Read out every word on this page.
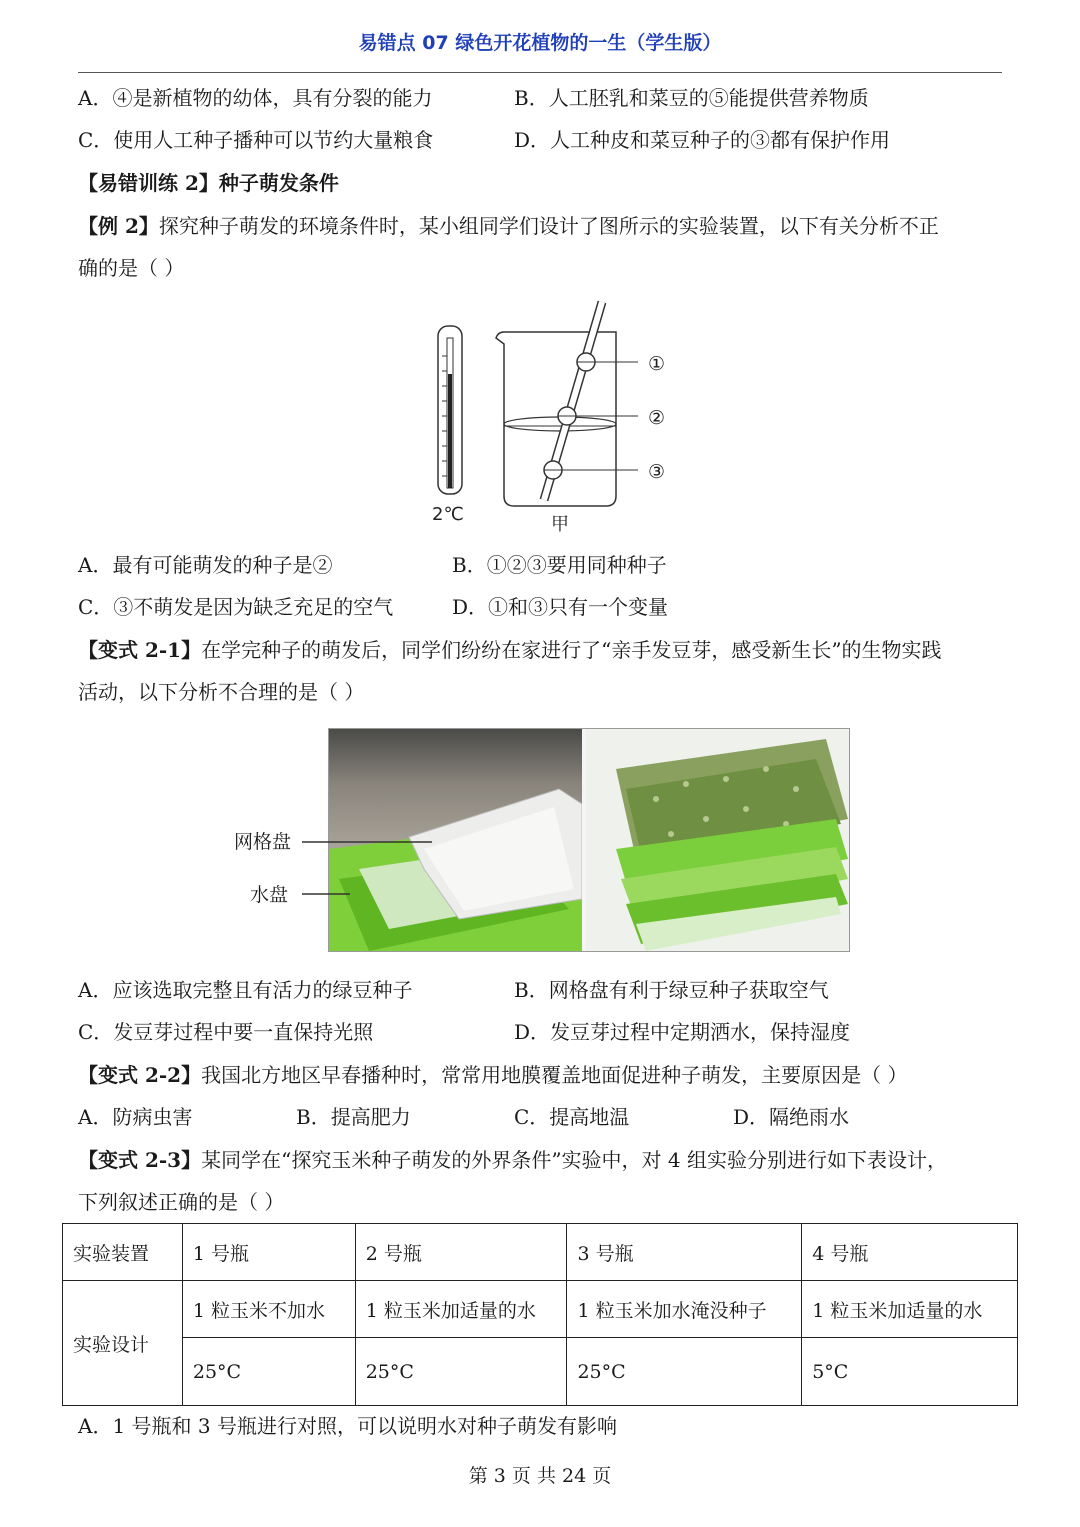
易错点 07 绿色开花植物的一生（学生版）
A．④是新植物的幼体，具有分裂的能力	B．人工胚乳和菜豆的⑤能提供营养物质
C．使用人工种子播种可以节约大量粮食	D．人工种皮和菜豆种子的③都有保护作用
【易错训练 2】种子萌发条件
【例 2】探究种子萌发的环境条件时，某小组同学们设计了图所示的实验装置，以下有关分析不正
确的是（ ）
2℃
①
②
③
甲
A．最有可能萌发的种子是②	B．①②③要用同种种子
C．③不萌发是因为缺乏充足的空气	D．①和③只有一个变量
【变式 2-1】在学完种子的萌发后，同学们纷纷在家进行了“亲手发豆芽，感受新生长”的生物实践
活动，以下分析不合理的是（ ）
网格盘
水盘
A．应该选取完整且有活力的绿豆种子	B．网格盘有利于绿豆种子获取空气
C．发豆芽过程中要一直保持光照	D．发豆芽过程中定期洒水，保持湿度
【变式 2-2】我国北方地区早春播种时，常常用地膜覆盖地面促进种子萌发，主要原因是（ ）
A．防病虫害	B．提高肥力	C．提高地温	D．隔绝雨水
【变式 2-3】某同学在“探究玉米种子萌发的外界条件”实验中，对 4 组实验分别进行如下表设计，
下列叙述正确的是（ ）
实验装置	1 号瓶	2 号瓶	3 号瓶	4 号瓶
实验设计	1 粒玉米不加水	1 粒玉米加适量的水	1 粒玉米加水淹没种子	1 粒玉米加适量的水
	25°C	25°C	25°C	5°C
A．1 号瓶和 3 号瓶进行对照，可以说明水对种子萌发有影响
第 3 页 共 24 页
